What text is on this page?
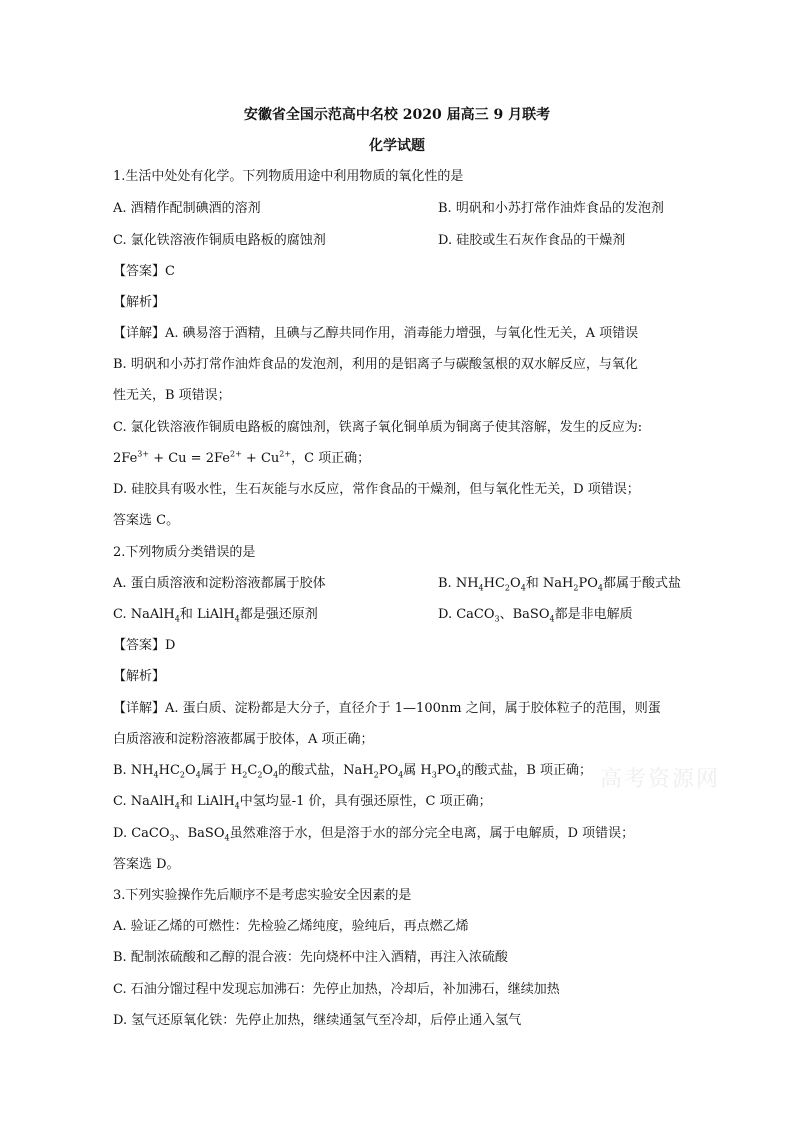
安徽省全国示范高中名校 2020 届高三 9 月联考
化学试题
1.生活中处处有化学。下列物质用途中利用物质的氧化性的是
A. 酒精作配制碘酒的溶剂	B. 明矾和小苏打常作油炸食品的发泡剂
C. 氯化铁溶液作铜质电路板的腐蚀剂	D. 硅胶或生石灰作食品的干燥剂
【答案】C
【解析】
【详解】A. 碘易溶于酒精，且碘与乙醇共同作用，消毒能力增强，与氧化性无关，A 项错误
B. 明矾和小苏打常作油炸食品的发泡剂，利用的是铝离子与碳酸氢根的双水解反应，与氧化
性无关，B 项错误；
C. 氯化铁溶液作铜质电路板的腐蚀剂，铁离子氧化铜单质为铜离子使其溶解，发生的反应为:
$2Fe^{3+} + Cu = 2Fe^{2+} + Cu^{2+}$，C 项正确；
D. 硅胶具有吸水性，生石灰能与水反应，常作食品的干燥剂，但与氧化性无关，D 项错误；
答案选 C。
2.下列物质分类错误的是
A. 蛋白质溶液和淀粉溶液都属于胶体	B. $NH_4HC_2O_4$和 $NaH_2PO_4$都属于酸式盐
C. NaAlH$_4$和 LiAlH$_4$都是强还原剂	D. CaCO$_3$、BaSO$_4$都是非电解质
【答案】D
【解析】
【详解】A. 蛋白质、淀粉都是大分子，直径介于 1—100nm 之间，属于胶体粒子的范围，则蛋
白质溶液和淀粉溶液都属于胶体，A 项正确；
B. $NH_4HC_2O_4$属于 $H_2C_2O_4$的酸式盐，$NaH_2PO_4$属 $H_3PO_4$的酸式盐，B 项正确；
C. NaAlH$_4$和 LiAlH$_4$中氢均显-1 价，具有强还原性，C 项正确；
D. CaCO$_3$、BaSO$_4$虽然难溶于水，但是溶于水的部分完全电离，属于电解质，D 项错误；
答案选 D。
3.下列实验操作先后顺序不是考虑实验安全因素的是
A. 验证乙烯的可燃性：先检验乙烯纯度，验纯后，再点燃乙烯
B. 配制浓硫酸和乙醇的混合液：先向烧杯中注入酒精，再注入浓硫酸
C. 石油分馏过程中发现忘加沸石：先停止加热，冷却后，补加沸石，继续加热
D. 氢气还原氧化铁：先停止加热，继续通氢气至冷却，后停止通入氢气
高考资源网
